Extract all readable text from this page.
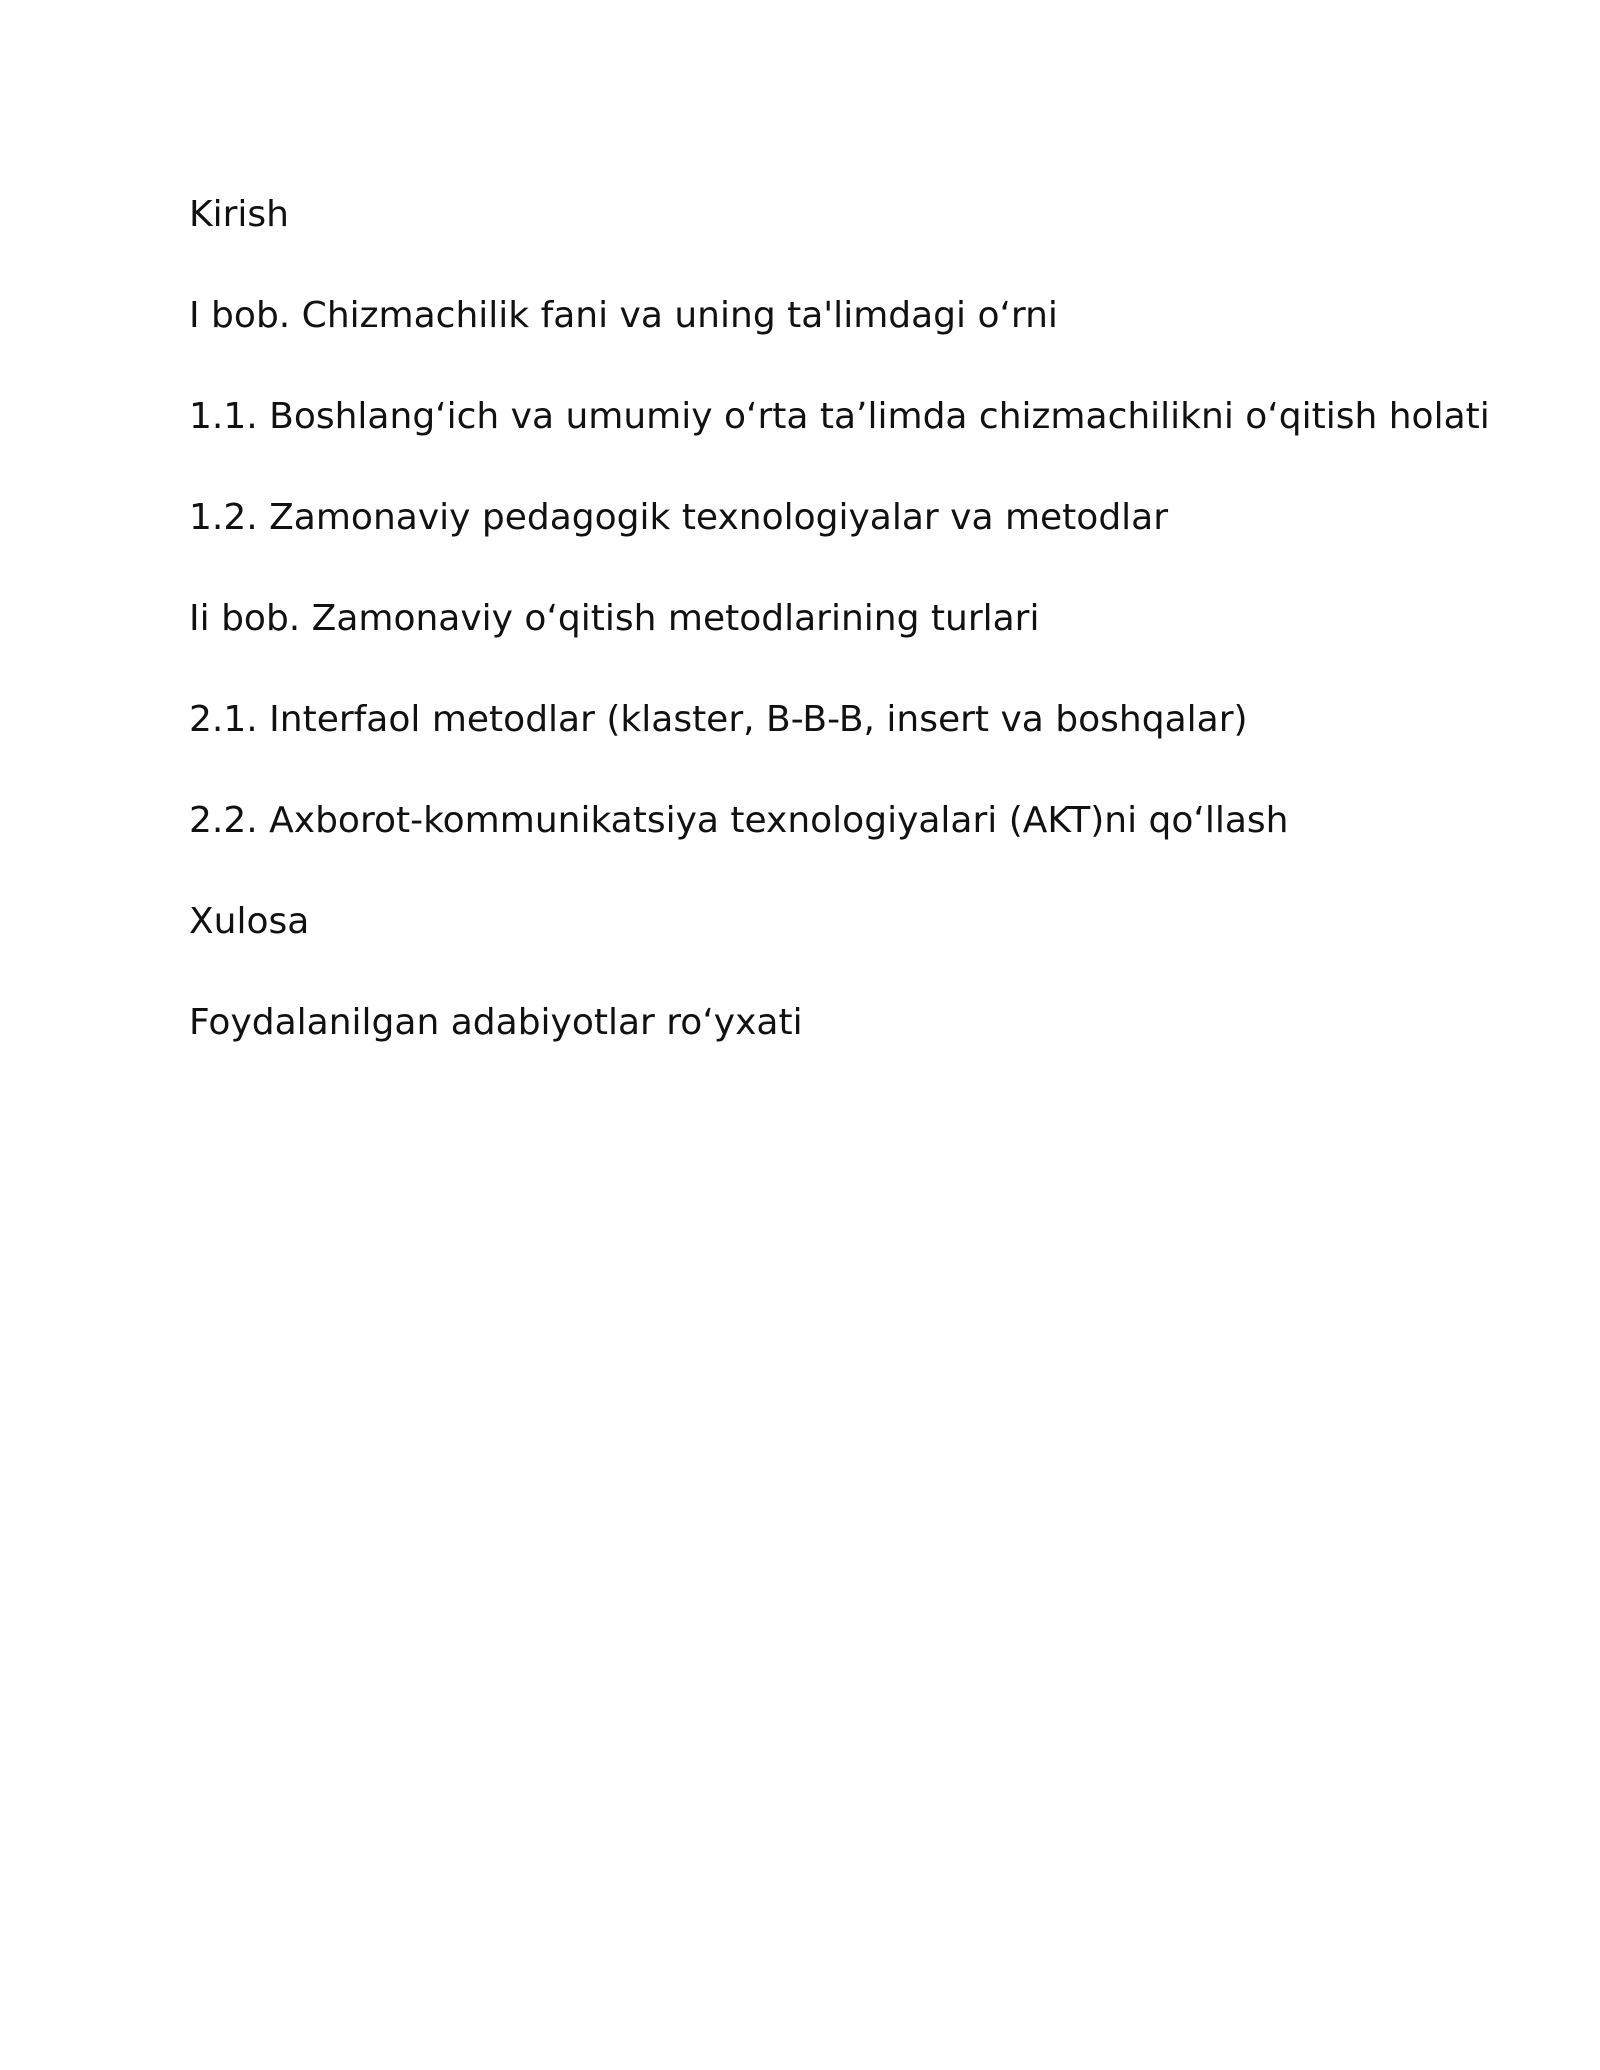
Kirish
I bob. Chizmachilik fani va uning ta'limdagi o‘rni
1.1. Boshlang‘ich va umumiy o‘rta ta’limda chizmachilikni o‘qitish holati
1.2. Zamonaviy pedagogik texnologiyalar va metodlar
Ii bob. Zamonaviy o‘qitish metodlarining turlari
2.1. Interfaol metodlar (klaster, B-B-B, insert va boshqalar)
2.2. Axborot-kommunikatsiya texnologiyalari (AKT)ni qo‘llash
Xulosa
Foydalanilgan adabiyotlar ro‘yxati
